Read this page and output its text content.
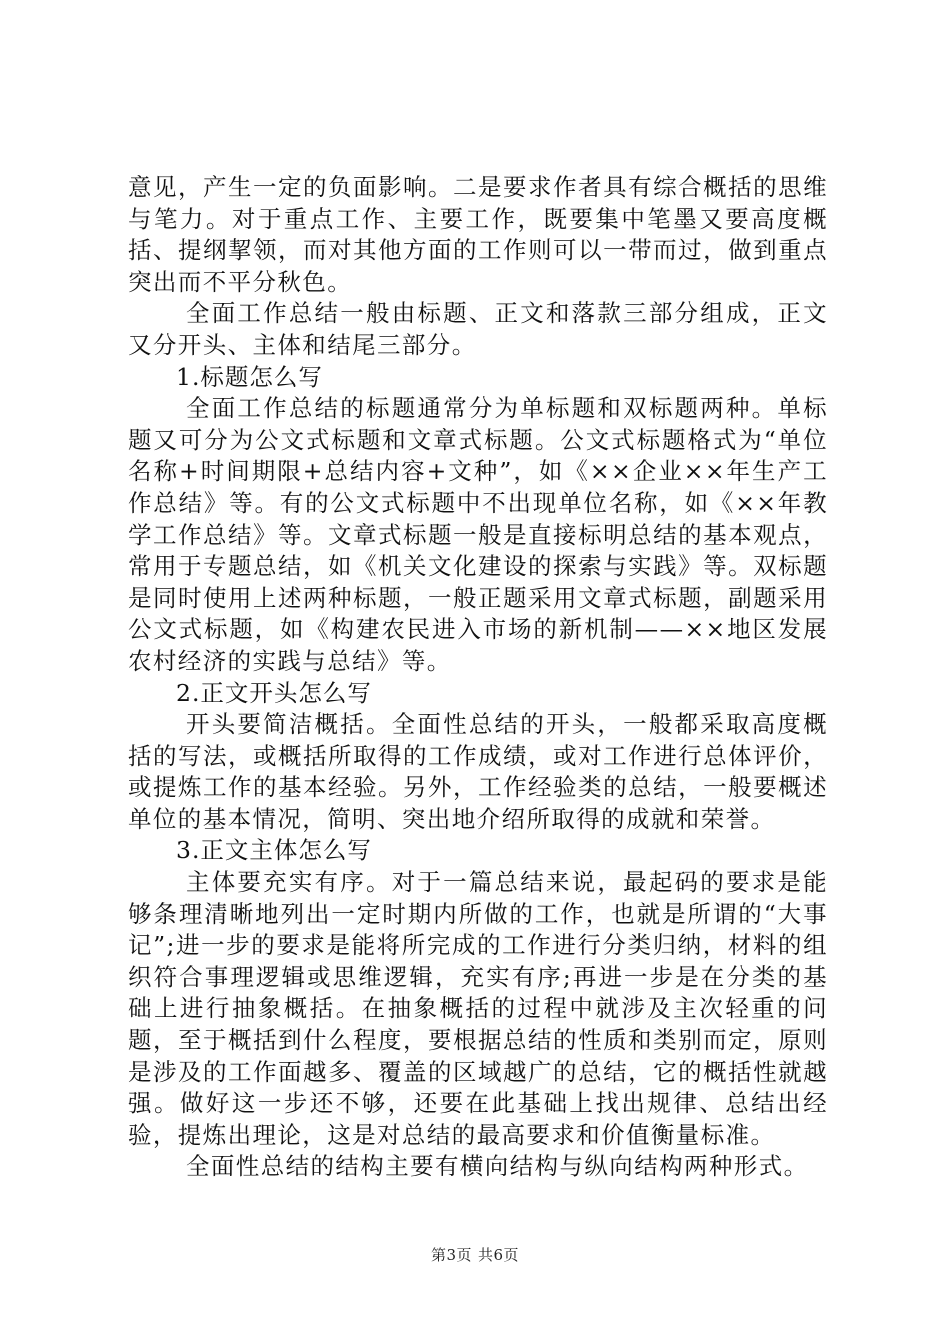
意见，产生一定的负面影响。二是要求作者具有综合概括的思维与笔力。对于重点工作、主要工作，既要集中笔墨又要高度概括、提纲挈领，而对其他方面的工作则可以一带而过，做到重点突出而不平分秋色。

全面工作总结一般由标题、正文和落款三部分组成，正文又分开头、主体和结尾三部分。

1.标题怎么写

全面工作总结的标题通常分为单标题和双标题两种。单标题又可分为公文式标题和文章式标题。公文式标题格式为“单位名称+时间期限+总结内容+文种”，如《××企业××年生产工作总结》等。有的公文式标题中不出现单位名称，如《××年教学工作总结》等。文章式标题一般是直接标明总结的基本观点，常用于专题总结，如《机关文化建设的探索与实践》等。双标题是同时使用上述两种标题，一般正题采用文章式标题，副题采用公文式标题，如《构建农民进入市场的新机制——××地区发展农村经济的实践与总结》等。

2.正文开头怎么写

开头要简洁概括。全面性总结的开头，一般都采取高度概括的写法，或概括所取得的工作成绩，或对工作进行总体评价，或提炼工作的基本经验。另外，工作经验类的总结，一般要概述单位的基本情况，简明、突出地介绍所取得的成就和荣誉。

3.正文主体怎么写

主体要充实有序。对于一篇总结来说，最起码的要求是能够条理清晰地列出一定时期内所做的工作，也就是所谓的“大事记”;进一步的要求是能将所完成的工作进行分类归纳，材料的组织符合事理逻辑或思维逻辑，充实有序;再进一步是在分类的基础上进行抽象概括。在抽象概括的过程中就涉及主次轻重的问题，至于概括到什么程度，要根据总结的性质和类别而定，原则是涉及的工作面越多、覆盖的区域越广的总结，它的概括性就越强。做好这一步还不够，还要在此基础上找出规律、总结出经验，提炼出理论，这是对总结的最高要求和价值衡量标准。

全面性总结的结构主要有横向结构与纵向结构两种形式。

第3页 共6页
